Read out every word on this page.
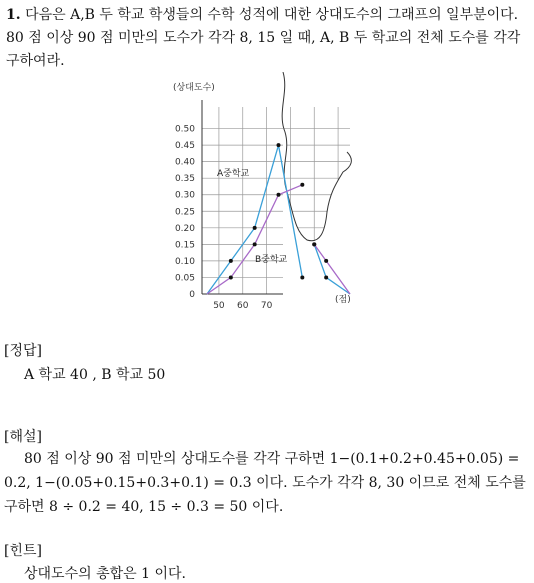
1. 다음은 A,B 두 학교 학생들의 수학 성적에 대한 상대도수의 그래프의 일부분이다. 80 점 이상 90 점 미만의 도수가 각각 8, 15 일 때, A, B 두 학교의 전체 도수를 각각 구하여라.
(상대도수)
50 60 70
0
0.05
0.10
0.15
0.20
0.25
0.30
0.35
0.40
0.45
0.50
A중학교
B중학교
(점)
[정답]
A 학교 40 , B 학교 50
[해설]
80 점 이상 90 점 미만의 상대도수를 각각 구하면 1−(0.1+0.2+0.45+0.05) =
0.2, 1−(0.05+0.15+0.3+0.1) = 0.3 이다. 도수가 각각 8, 30 이므로 전체 도수를
구하면 8 ÷ 0.2 = 40, 15 ÷ 0.3 = 50 이다.
[힌트]
상대도수의 총합은 1 이다.
